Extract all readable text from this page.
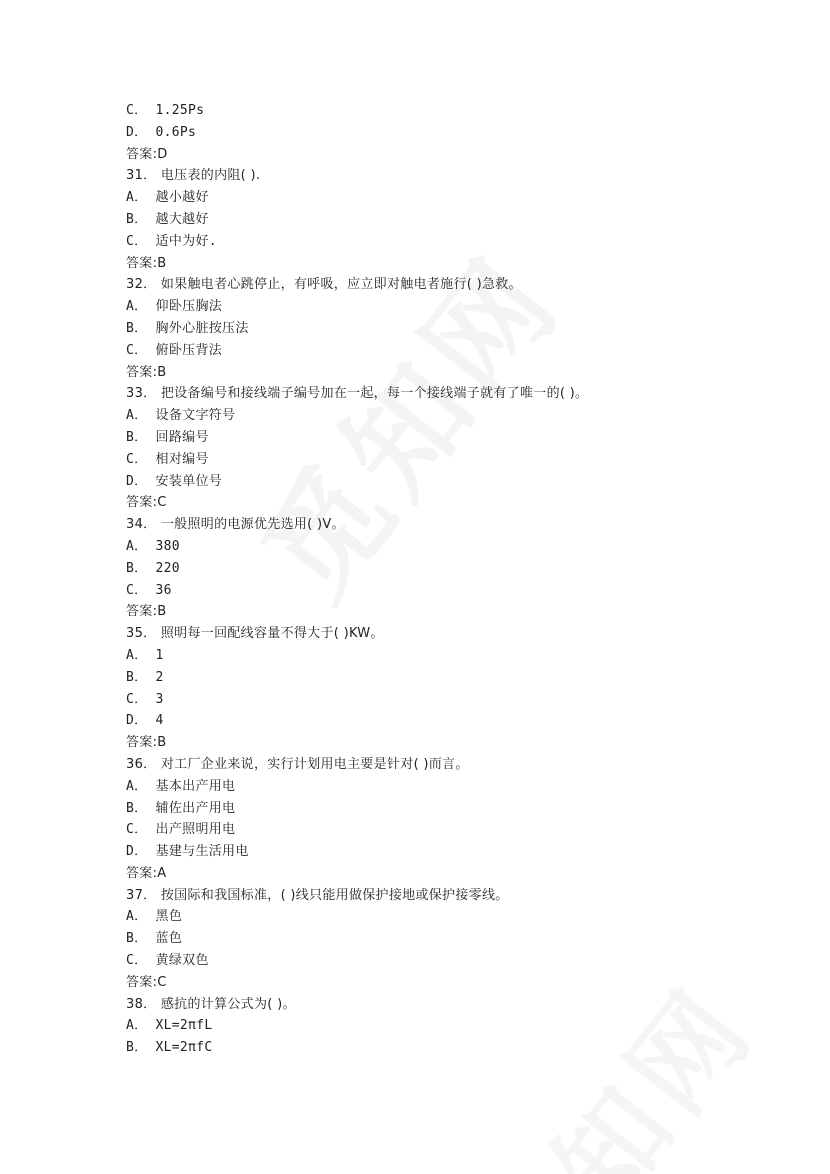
C． 1.25Ps
D． 0.6Ps
答案:D
31． 电压表的内阻( ).
A． 越小越好
B． 越大越好
C． 适中为好.
答案:B
32． 如果触电者心跳停止，有呼吸，应立即对触电者施行( )急救。
A． 仰卧压胸法
B． 胸外心脏按压法
C． 俯卧压背法
答案:B
33． 把设备编号和接线端子编号加在一起，每一个接线端子就有了唯一的( )。
A． 设备文字符号
B． 回路编号
C． 相对编号
D． 安装单位号
答案:C
34． 一般照明的电源优先选用( )V。
A． 380
B． 220
C． 36
答案:B
35． 照明每一回配线容量不得大于( )KW。
A． 1
B． 2
C． 3
D． 4
答案:B
36． 对工厂企业来说，实行计划用电主要是针对( )而言。
A． 基本出产用电
B． 辅佐出产用电
C． 出产照明用电
D． 基建与生活用电
答案:A
37． 按国际和我国标准，( )线只能用做保护接地或保护接零线。
A． 黑色
B． 蓝色
C． 黄绿双色
答案:C
38． 感抗的计算公式为( )。
A． XL=2πfL
B． XL=2πfC
